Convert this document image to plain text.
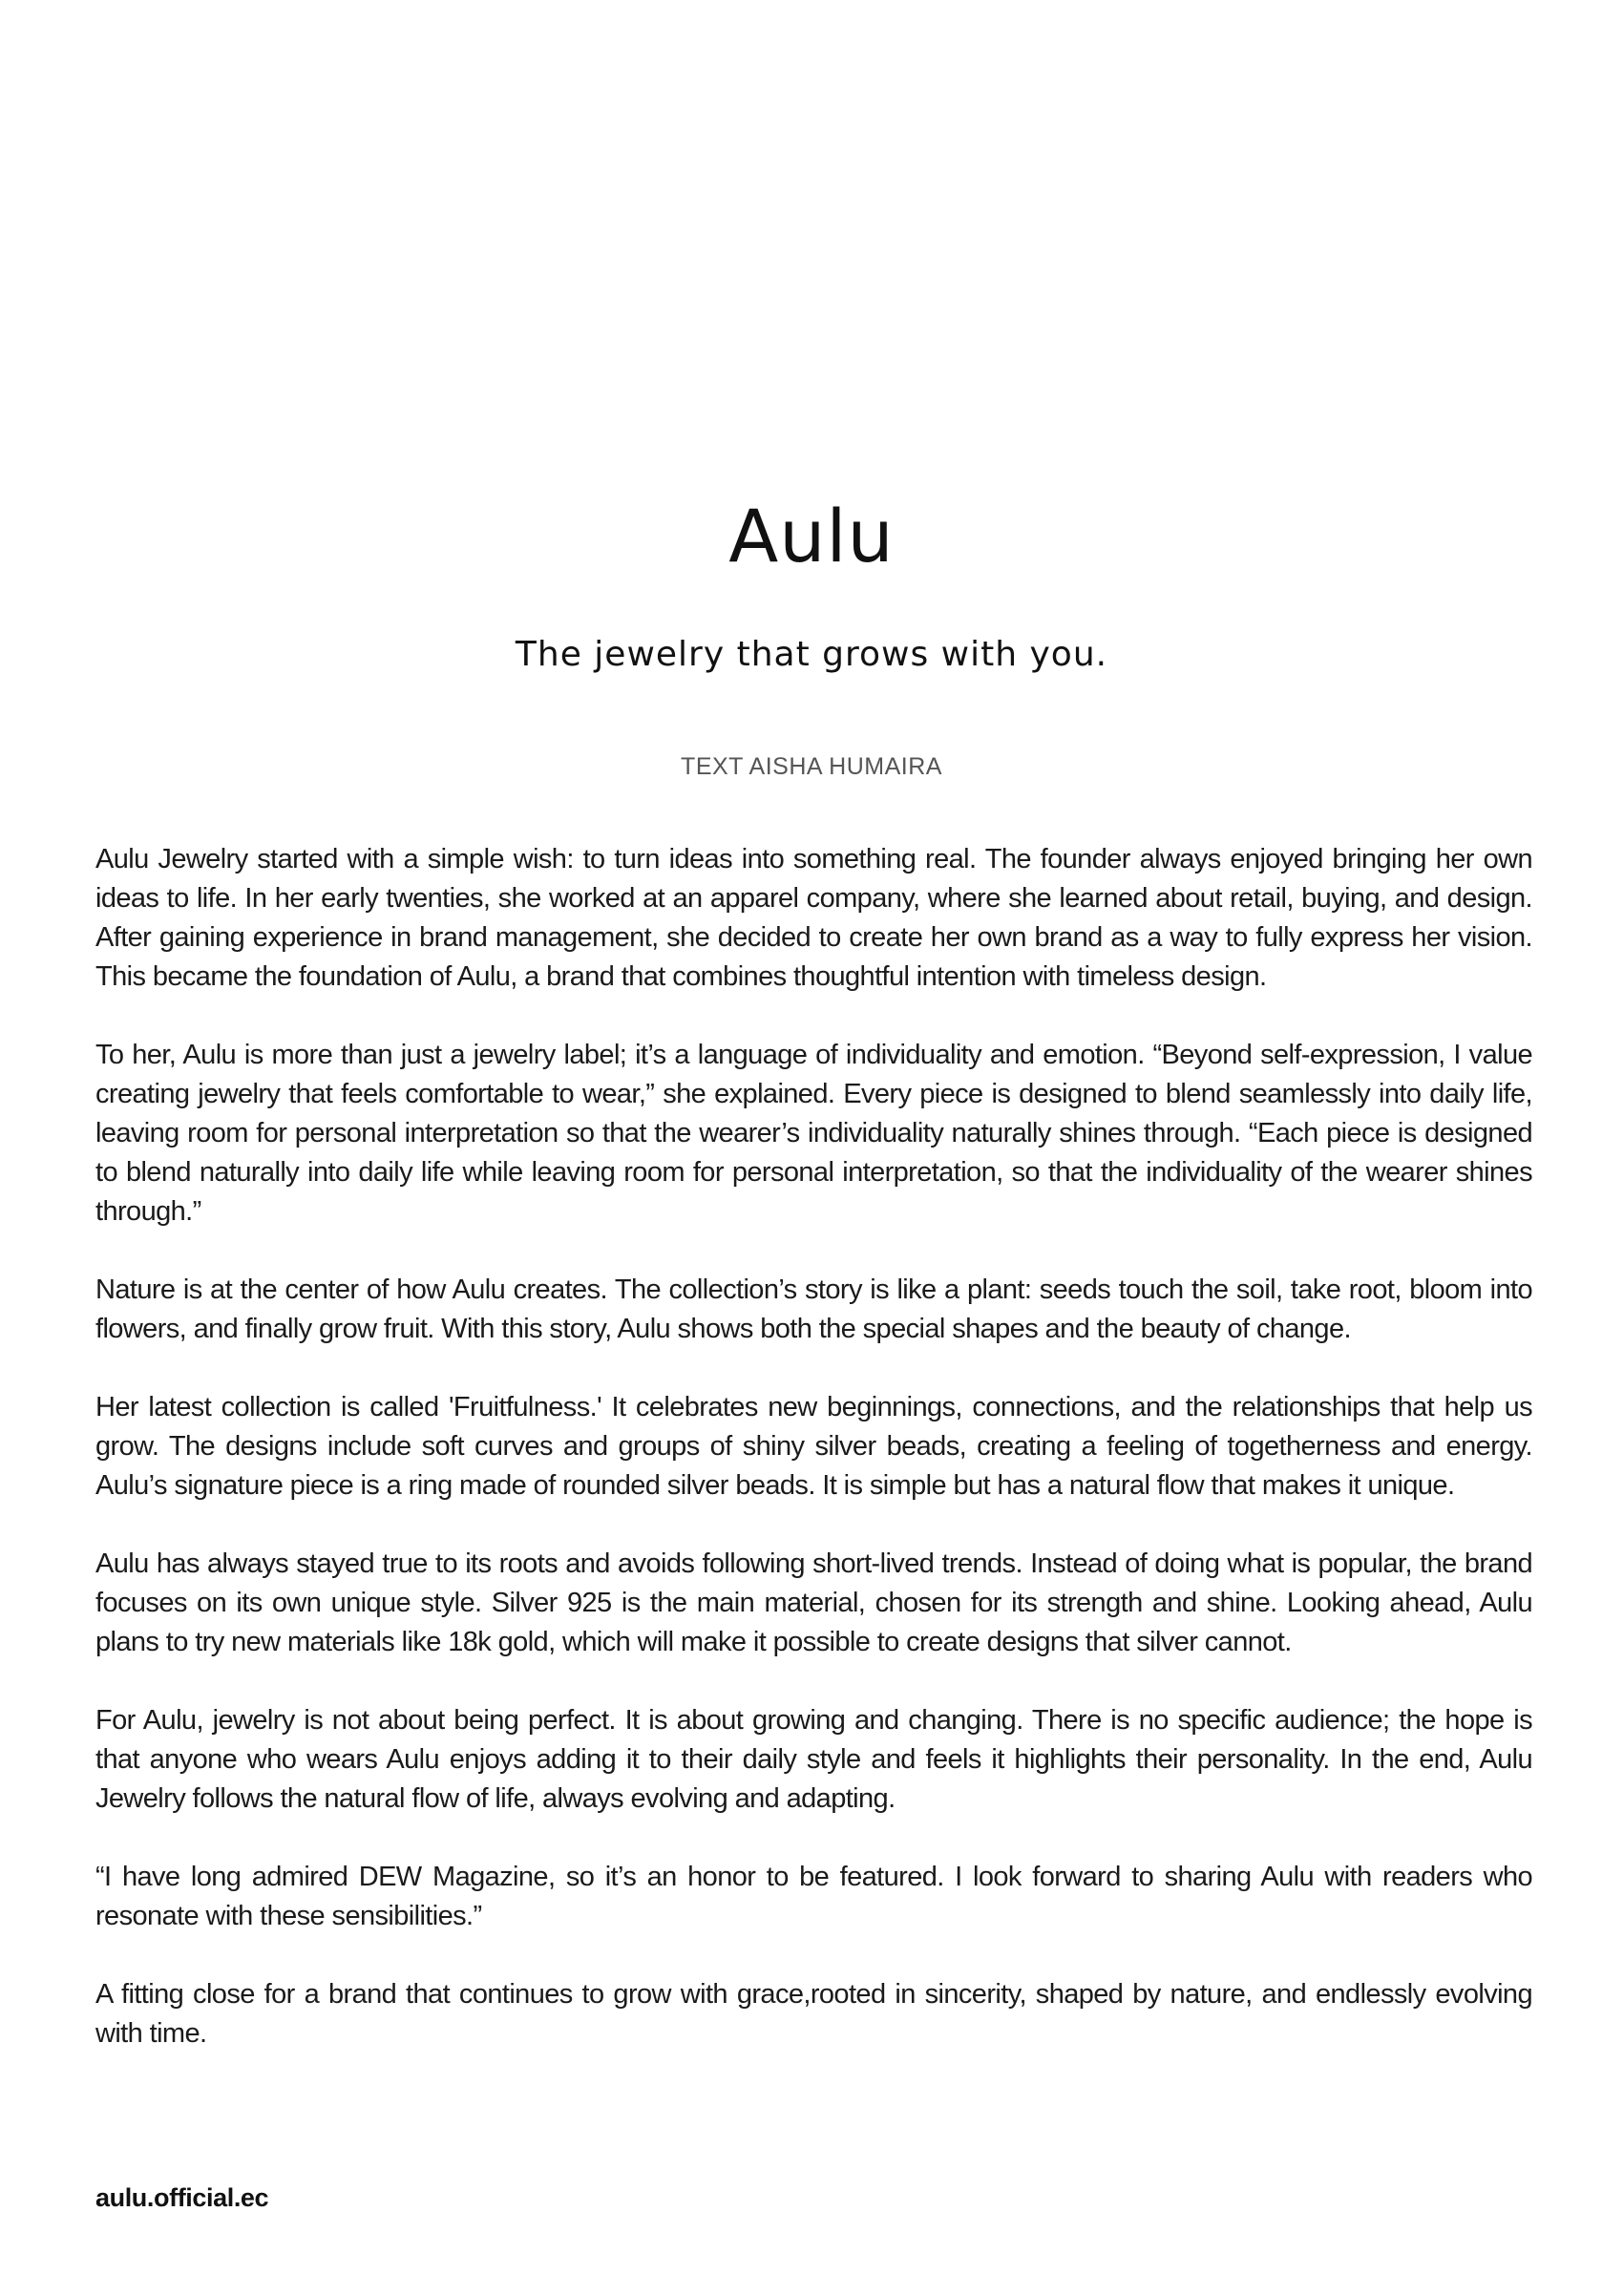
Aulu
The jewelry that grows with you.

TEXT AISHA HUMAIRA

Aulu Jewelry started with a simple wish: to turn ideas into something real. The founder always enjoyed bringing her own ideas to life. In her early twenties, she worked at an apparel company, where she learned about retail, buying, and design. After gaining experience in brand management, she decided to create her own brand as a way to fully express her vision. This became the foundation of Aulu, a brand that combines thoughtful intention with timeless design.

To her, Aulu is more than just a jewelry label; it’s a language of individuality and emotion. “Beyond self-expression, I value creating jewelry that feels comfortable to wear,” she explained. Every piece is designed to blend seamlessly into daily life, leaving room for personal interpretation so that the wearer’s individuality naturally shines through. “Each piece is designed to blend naturally into daily life while leaving room for personal interpretation, so that the individuality of the wearer shines through.”

Nature is at the center of how Aulu creates. The collection’s story is like a plant: seeds touch the soil, take root, bloom into flowers, and finally grow fruit. With this story, Aulu shows both the special shapes and the beauty of change.

Her latest collection is called 'Fruitfulness.' It celebrates new beginnings, connections, and the relationships that help us grow. The designs include soft curves and groups of shiny silver beads, creating a feeling of togetherness and energy. Aulu’s signature piece is a ring made of rounded silver beads. It is simple but has a natural flow that makes it unique.

Aulu has always stayed true to its roots and avoids following short-lived trends. Instead of doing what is popular, the brand focuses on its own unique style. Silver 925 is the main material, chosen for its strength and shine. Looking ahead, Aulu plans to try new materials like 18k gold, which will make it possible to create designs that silver cannot.

For Aulu, jewelry is not about being perfect. It is about growing and changing. There is no specific audience; the hope is that anyone who wears Aulu enjoys adding it to their daily style and feels it highlights their personality. In the end, Aulu Jewelry follows the natural flow of life, always evolving and adapting.

“I have long admired DEW Magazine, so it’s an honor to be featured. I look forward to sharing Aulu with readers who resonate with these sensibilities.”

A fitting close for a brand that continues to grow with grace,rooted in sincerity, shaped by nature, and endlessly evolving with time.

aulu.official.ec
